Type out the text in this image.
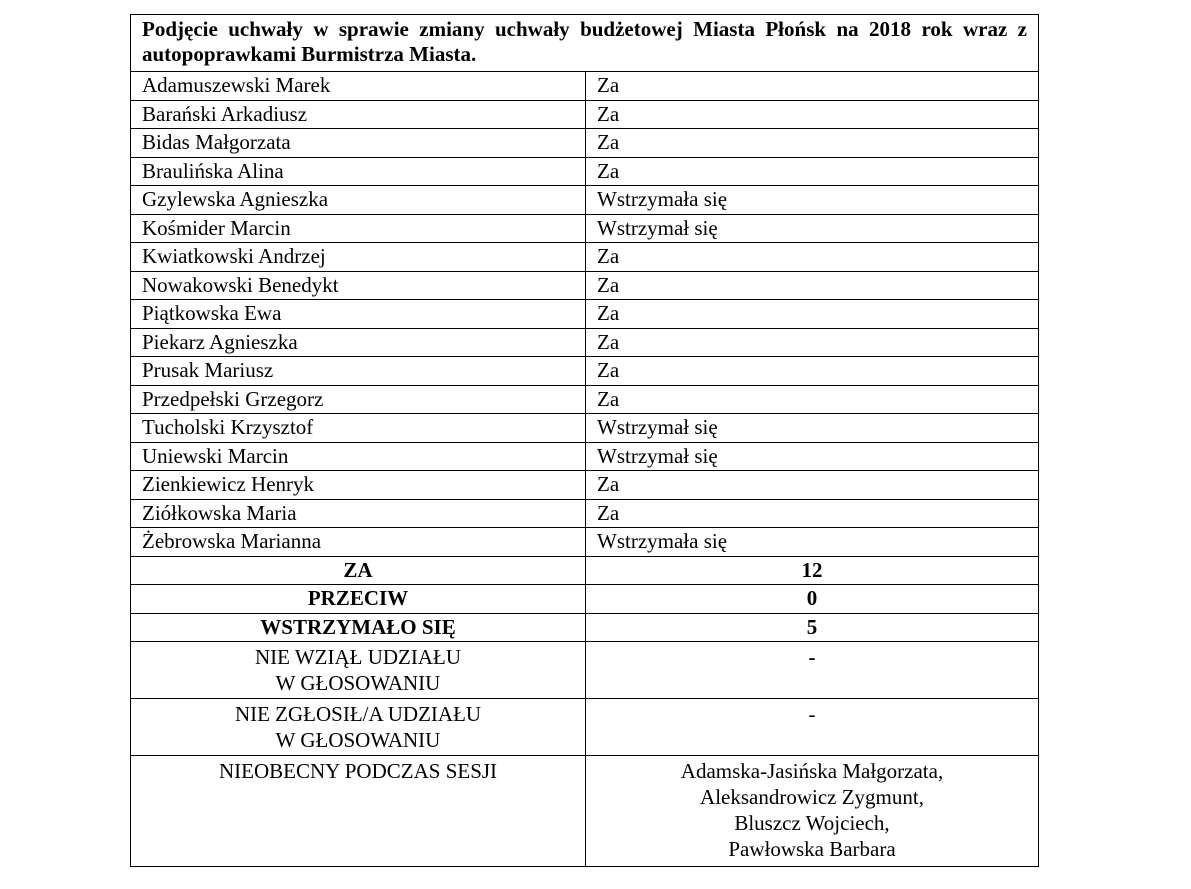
Podjęcie uchwały w sprawie zmiany uchwały budżetowej Miasta Płońsk na 2018 rok wraz z autopoprawkami Burmistrza Miasta.	
Adamuszewski Marek	Za
Barański Arkadiusz	Za
Bidas Małgorzata	Za
Braulińska Alina	Za
Gzylewska Agnieszka	Wstrzymała się
Kośmider Marcin	Wstrzymał się
Kwiatkowski Andrzej	Za
Nowakowski Benedykt	Za
Piątkowska Ewa	Za
Piekarz Agnieszka	Za
Prusak Mariusz	Za
Przedpełski Grzegorz	Za
Tucholski Krzysztof	Wstrzymał się
Uniewski Marcin	Wstrzymał się
Zienkiewicz Henryk	Za
Ziółkowska Maria	Za
Żebrowska Marianna	Wstrzymała się
ZA	12
PRZECIW	0
WSTRZYMAŁO SIĘ	5

NIE WZIĄŁ UDZIAŁU
W GŁOSOWANIU	-

NIE ZGŁOSIŁ/A UDZIAŁU
W GŁOSOWANIU	-
NIEOBECNY PODCZAS SESJI	Adamska-Jasińska Małgorzata,
Aleksandrowicz Zygmunt,
Bluszcz Wojciech,
Pawłowska Barbara
